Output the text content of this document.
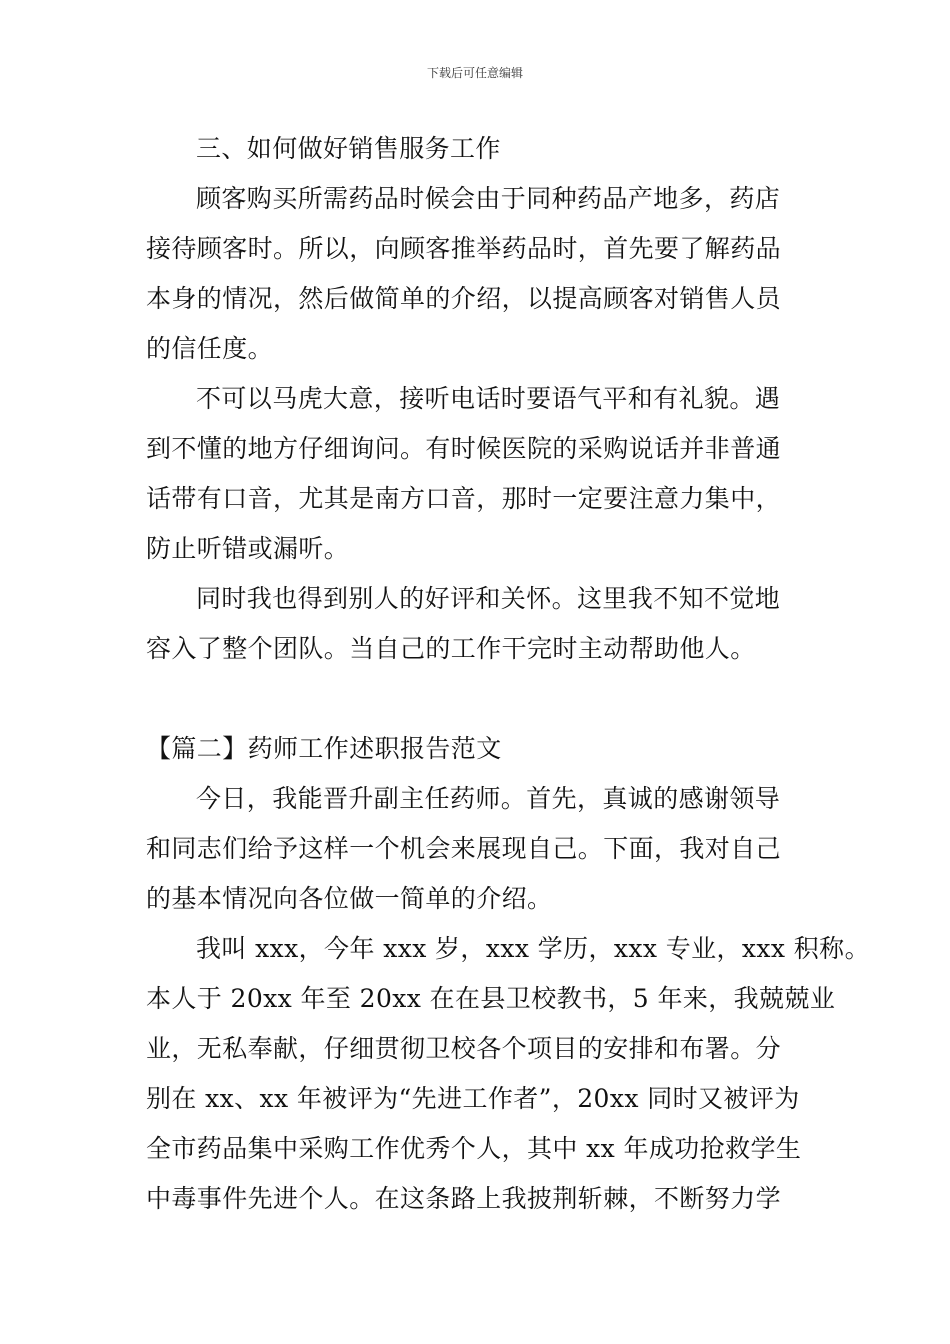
下载后可任意编辑
三、如何做好销售服务工作
顾客购买所需药品时候会由于同种药品产地多，药店
接待顾客时。所以，向顾客推举药品时，首先要了解药品
本身的情况，然后做简单的介绍，以提高顾客对销售人员
的信任度。
不可以马虎大意，接听电话时要语气平和有礼貌。遇
到不懂的地方仔细询问。有时候医院的采购说话并非普通
话带有口音，尤其是南方口音，那时一定要注意力集中，
防止听错或漏听。
同时我也得到别人的好评和关怀。这里我不知不觉地
容入了整个团队。当自己的工作干完时主动帮助他人。
【篇二】药师工作述职报告范文
今日，我能晋升副主任药师。首先，真诚的感谢领导
和同志们给予这样一个机会来展现自己。下面，我对自己
的基本情况向各位做一简单的介绍。
我叫 xxx，今年 xxx 岁，xxx 学历，xxx 专业，xxx 积称。
本人于 20xx 年至 20xx 在在县卫校教书，5 年来，我兢兢业
业，无私奉献，仔细贯彻卫校各个项目的安排和布署。分
别在 xx、xx 年被评为“先进工作者”，20xx 同时又被评为
全市药品集中采购工作优秀个人，其中 xx 年成功抢救学生
中毒事件先进个人。在这条路上我披荆斩棘，不断努力学
